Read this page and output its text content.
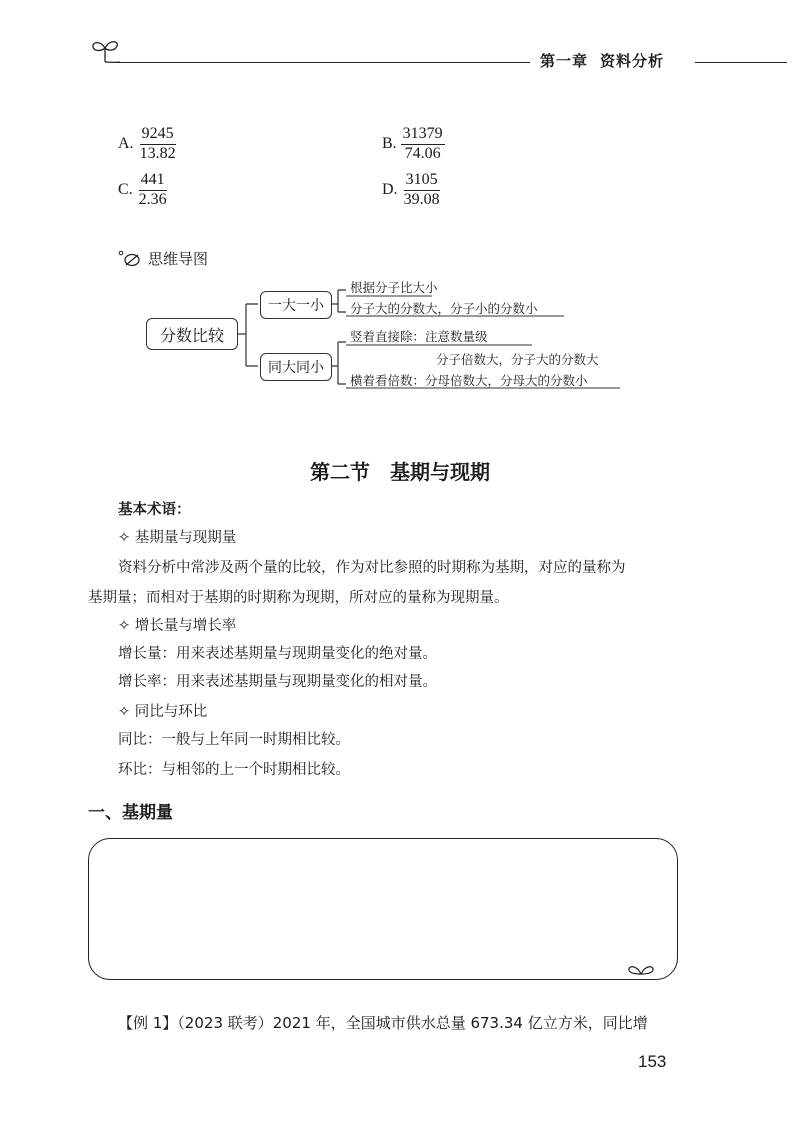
第一章 资料分析
A. $\frac{9245}{13.82}$	B. $\frac{31379}{74.06}$
C. $\frac{441}{2.36}$	D. $\frac{3105}{39.08}$
思维导图
分数比较
一大一小
同大同小
根据分子比大小
分子大的分数大，分子小的分数小
竖着直接除：注意数量级
分子倍数大，分子大的分数大
横着看倍数：分母倍数大，分母大的分数小
第二节　基期与现期
基本术语：
✧ 基期量与现期量
资料分析中常涉及两个量的比较，作为对比参照的时期称为基期，对应的量称为
基期量；而相对于基期的时期称为现期，所对应的量称为现期量。
✧ 增长量与增长率
增长量：用来表述基期量与现期量变化的绝对量。
增长率：用来表述基期量与现期量变化的相对量。
✧ 同比与环比
同比：一般与上年同一时期相比较。
环比：与相邻的上一个时期相比较。
一、基期量
【例 1】（2023 联考）2021 年，全国城市供水总量 673.34 亿立方米，同比增
153
